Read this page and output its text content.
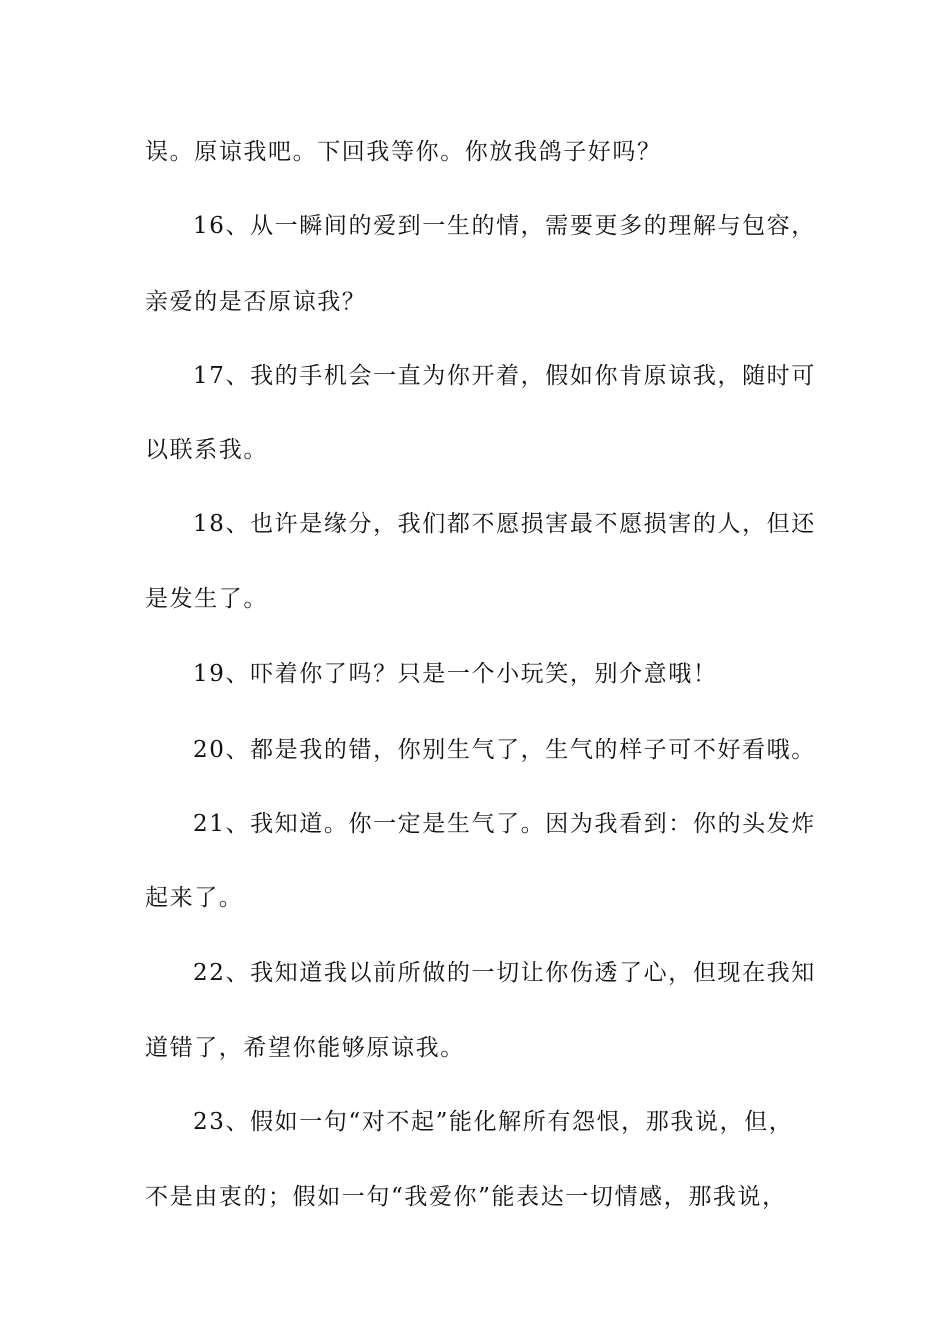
误。原谅我吧。下回我等你。你放我鸽子好吗？
16、从一瞬间的爱到一生的情，需要更多的理解与包容，
亲爱的是否原谅我？
17、我的手机会一直为你开着，假如你肯原谅我，随时可
以联系我。
18、也许是缘分，我们都不愿损害最不愿损害的人，但还
是发生了。
19、吓着你了吗？只是一个小玩笑，别介意哦！
20、都是我的错，你别生气了，生气的样子可不好看哦。
21、我知道。你一定是生气了。因为我看到：你的头发炸
起来了。
22、我知道我以前所做的一切让你伤透了心，但现在我知
道错了，希望你能够原谅我。
23、假如一句“对不起”能化解所有怨恨，那我说，但，
不是由衷的；假如一句“我爱你”能表达一切情感，那我说，
